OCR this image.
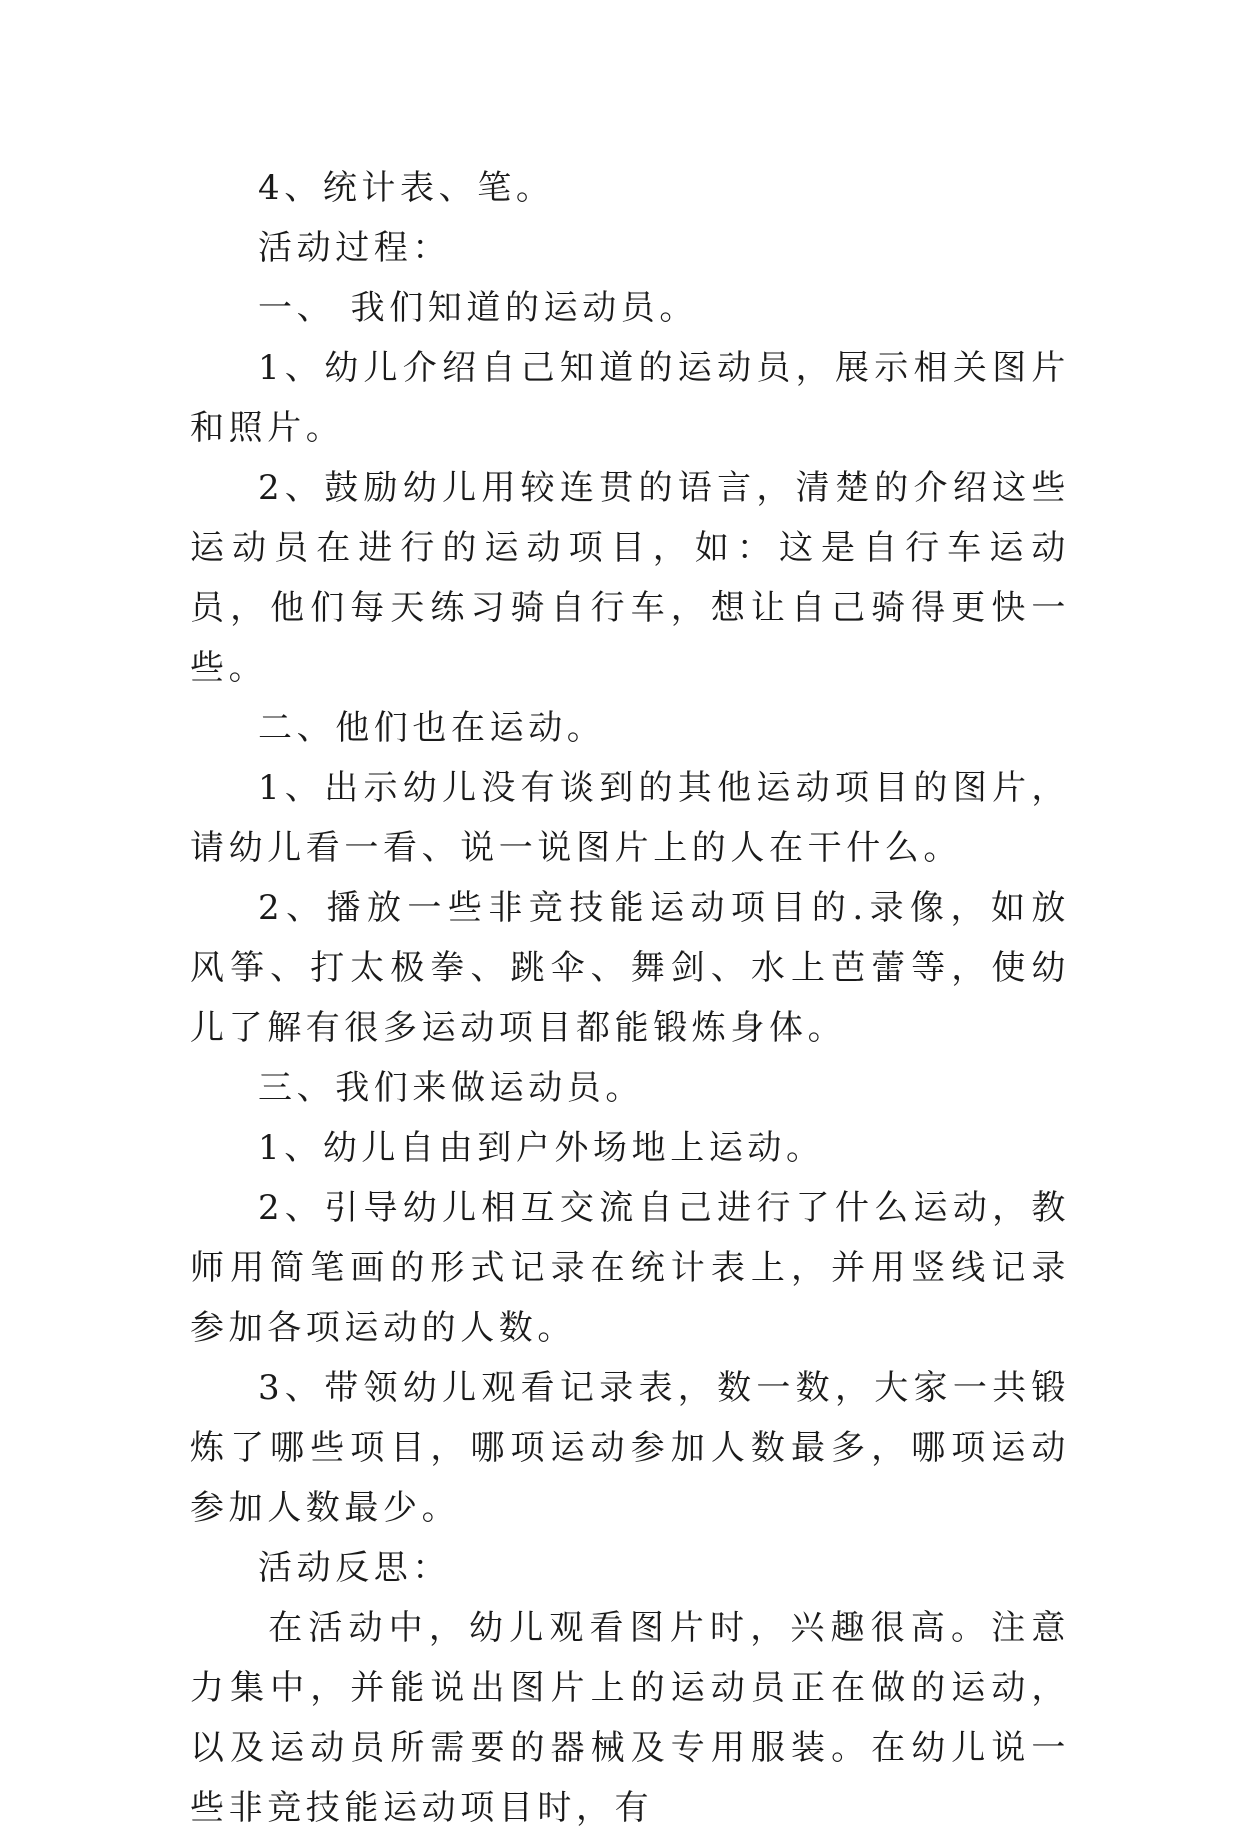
4、统计表、笔。

活动过程：

一、 我们知道的运动员。

1、幼儿介绍自己知道的运动员，展示相关图片和照片。

2、鼓励幼儿用较连贯的语言，清楚的介绍这些运动员在进行的运动项目，如：这是自行车运动员，他们每天练习骑自行车，想让自己骑得更快一些。

二、他们也在运动。

1、出示幼儿没有谈到的其他运动项目的图片，请幼儿看一看、说一说图片上的人在干什么。

2、播放一些非竞技能运动项目的.录像，如放风筝、打太极拳、跳伞、舞剑、水上芭蕾等，使幼儿了解有很多运动项目都能锻炼身体。

三、我们来做运动员。

1、幼儿自由到户外场地上运动。

2、引导幼儿相互交流自己进行了什么运动，教师用简笔画的形式记录在统计表上，并用竖线记录参加各项运动的人数。

3、带领幼儿观看记录表，数一数，大家一共锻炼了哪些项目，哪项运动参加人数最多，哪项运动参加人数最少。

活动反思：

在活动中，幼儿观看图片时，兴趣很高。注意力集中，并能说出图片上的运动员正在做的运动，以及运动员所需要的器械及专用服装。在幼儿说一些非竞技能运动项目时，有
